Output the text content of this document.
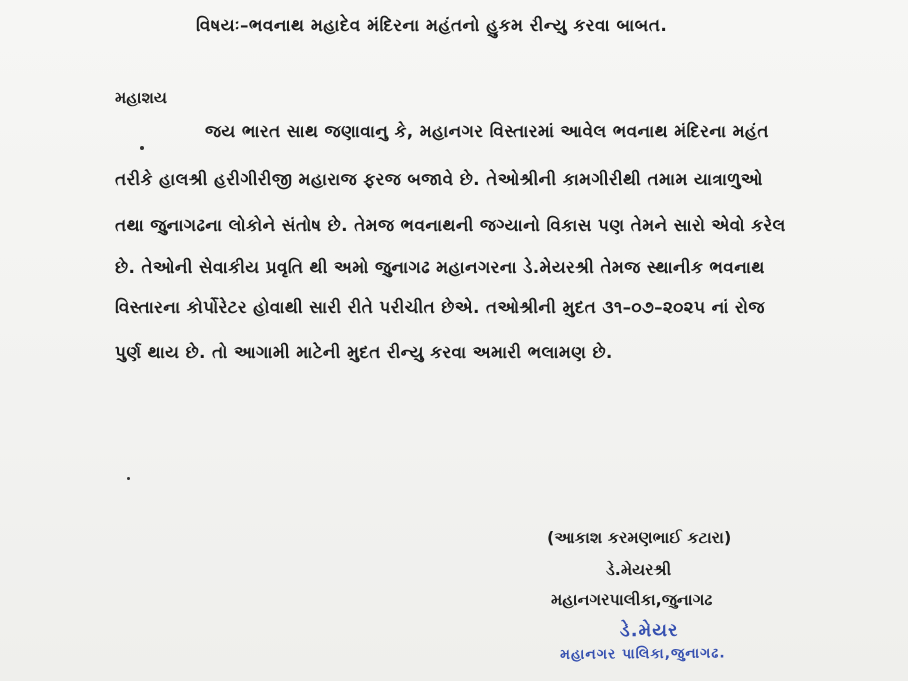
વિષયઃ–ભવનાથ મહાદેવ મંદિરના મહંતનો હુકમ રીન્યુ કરવા બાબત.
મહાશય
જય ભારત સાથ જણાવાનુ કે, મહાનગર વિસ્તારમાં આવેલ ભવનાથ મંદિરના મહંત
તરીકે હાલશ્રી હરીગીરીજી મહારાજ ફરજ બજાવે છે. તેઓશ્રીની કામગીરીથી તમામ યાત્રાળુઓ
તથા જુનાગઢના લોકોને સંતોષ છે. તેમજ ભવનાથની જગ્યાનો વિકાસ પણ તેમને સારો એવો કરેલ
છે. તેઓની સેવાકીય પ્રવૃતિ થી અમો જુનાગઢ મહાનગરના ડે.મેયરશ્રી તેમજ સ્થાનીક ભવનાથ
વિસ્તારના કોર્પોરેટર હોવાથી સારી રીતે પરીચીત છેએ. તઓશ્રીની મુદત ૩૧–૦૭–૨૦૨૫ નાં રોજ
પુર્ણ થાય છે. તો આગામી માટેની મુદત રીન્યુ કરવા અમારી ભલામણ છે.
(આકાશ કરમણભાઈ કટારા)
ડે.મેયરશ્રી
મહાનગરપાલીકા,જુનાગઢ
ડે.મેયર
મહાનગર પાલિકા,જુનાગઢ.
